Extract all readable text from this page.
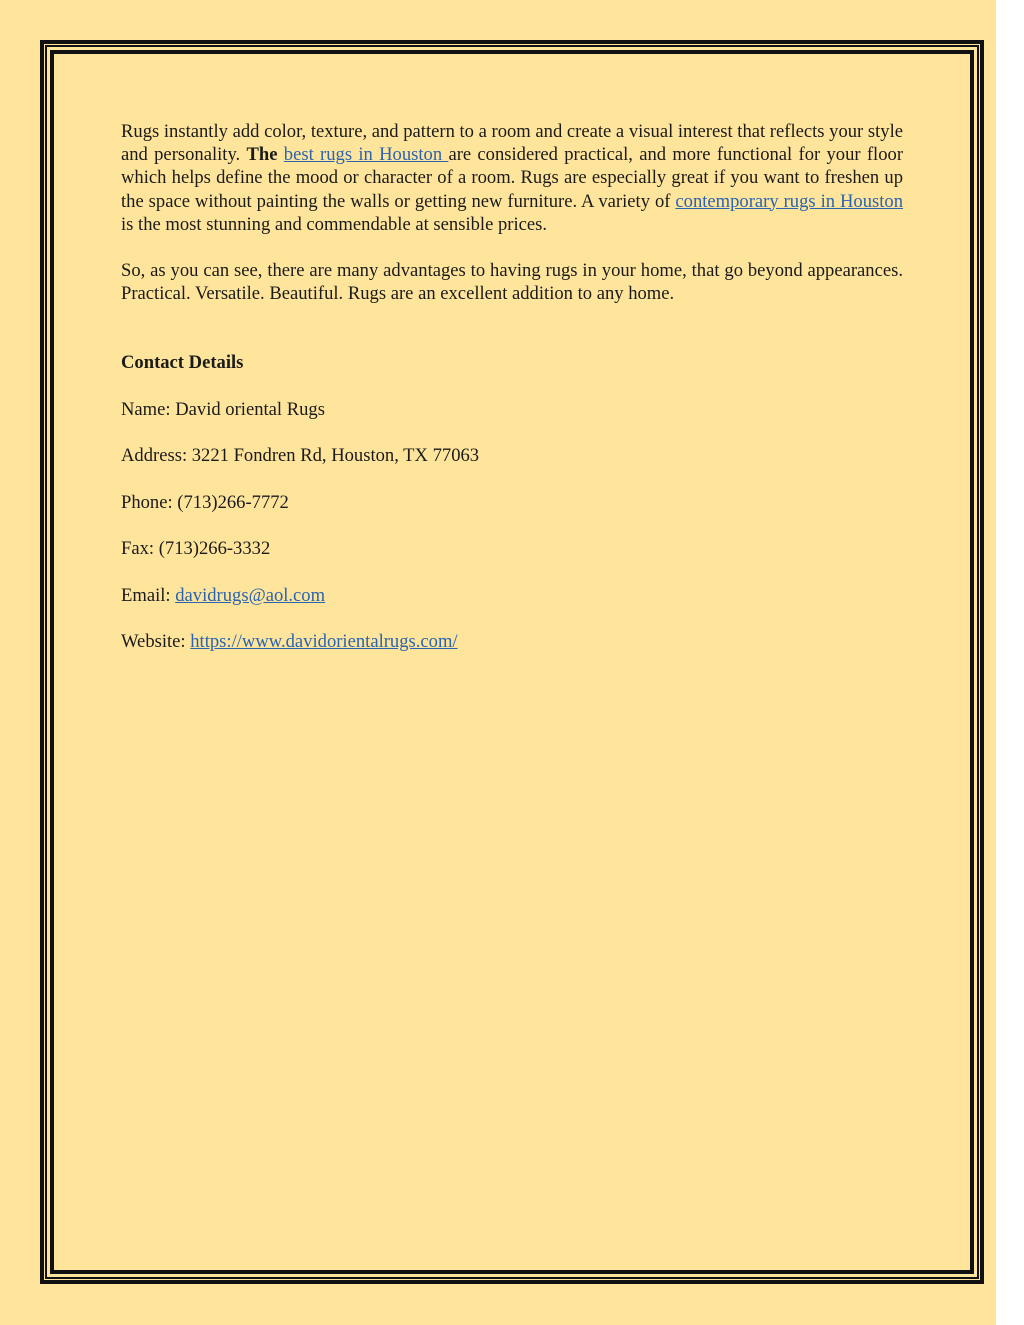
Rugs instantly add color, texture, and pattern to a room and create a visual interest that reflects your style and personality. The best rugs in Houston are considered practical, and more functional for your floor which helps define the mood or character of a room. Rugs are especially great if you want to freshen up the space without painting the walls or getting new furniture. A variety of contemporary rugs in Houston is the most stunning and commendable at sensible prices.

So, as you can see, there are many advantages to having rugs in your home, that go beyond appearances. Practical. Versatile. Beautiful. Rugs are an excellent addition to any home.

Contact Details
Name: David oriental Rugs
Address: 3221 Fondren Rd, Houston, TX 77063
Phone: (713)266-7772
Fax: (713)266-3332
Email: davidrugs@aol.com
Website: https://www.davidorientalrugs.com/
